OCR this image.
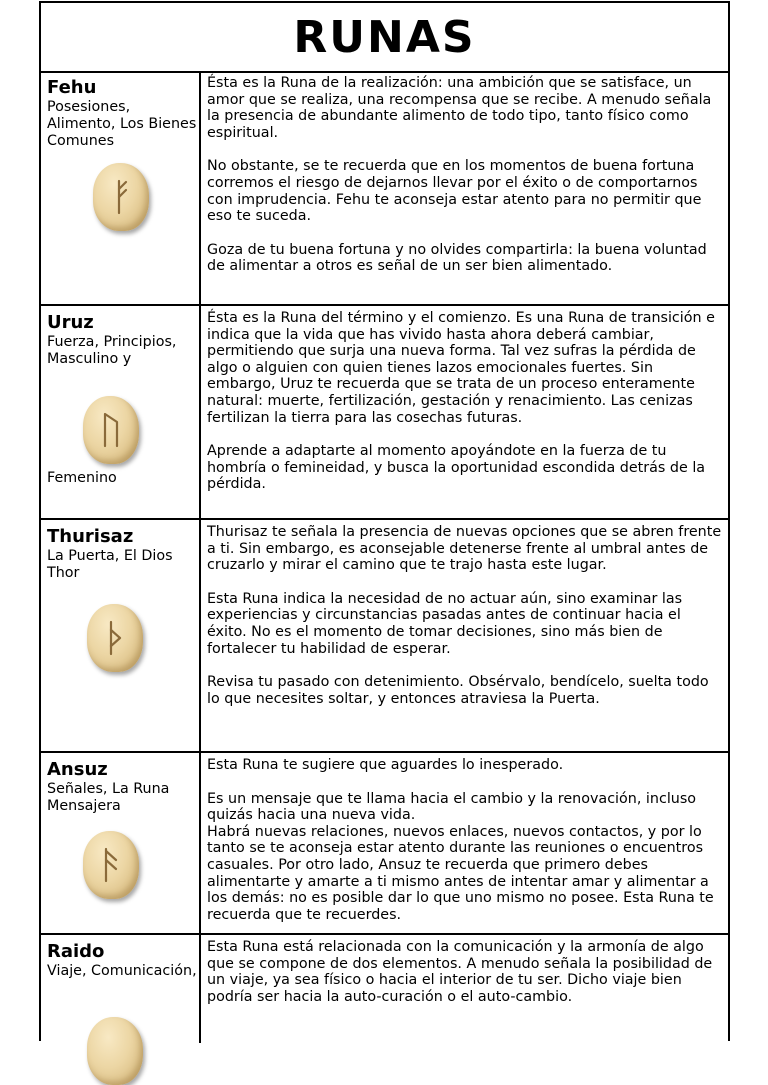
RUNAS
Fehu
Posesiones, Alimento, Los Bienes Comunes
Ésta es la Runa de la realización: una ambición que se satisface, un amor que se realiza, una recompensa que se recibe. A menudo señala la presencia de abundante alimento de todo tipo, tanto físico como espiritual.
No obstante, se te recuerda que en los momentos de buena fortuna corremos el riesgo de dejarnos llevar por el éxito o de comportarnos con imprudencia. Fehu te aconseja estar atento para no permitir que eso te suceda.
Goza de tu buena fortuna y no olvides compartirla: la buena voluntad de alimentar a otros es señal de un ser bien alimentado.
Uruz
Fuerza, Principios, Masculino y
Femenino
Ésta es la Runa del término y el comienzo. Es una Runa de transición e indica que la vida que has vivido hasta ahora deberá cambiar, permitiendo que surja una nueva forma. Tal vez sufras la pérdida de algo o alguien con quien tienes lazos emocionales fuertes. Sin embargo, Uruz te recuerda que se trata de un proceso enteramente natural: muerte, fertilización, gestación y renacimiento. Las cenizas fertilizan la tierra para las cosechas futuras.
Aprende a adaptarte al momento apoyándote en la fuerza de tu hombría o femineidad, y busca la oportunidad escondida detrás de la pérdida.
Thurisaz
La Puerta, El Dios Thor
Thurisaz te señala la presencia de nuevas opciones que se abren frente a ti. Sin embargo, es aconsejable detenerse frente al umbral antes de cruzarlo y mirar el camino que te trajo hasta este lugar.
Esta Runa indica la necesidad de no actuar aún, sino examinar las experiencias y circunstancias pasadas antes de continuar hacia el éxito. No es el momento de tomar decisiones, sino más bien de fortalecer tu habilidad de esperar.
Revisa tu pasado con detenimiento. Obsérvalo, bendícelo, suelta todo lo que necesites soltar, y entonces atraviesa la Puerta.
Ansuz
Señales, La Runa Mensajera
Esta Runa te sugiere que aguardes lo inesperado.
Es un mensaje que te llama hacia el cambio y la renovación, incluso quizás hacia una nueva vida.
Habrá nuevas relaciones, nuevos enlaces, nuevos contactos, y por lo tanto se te aconseja estar atento durante las reuniones o encuentros casuales. Por otro lado, Ansuz te recuerda que primero debes alimentarte y amarte a ti mismo antes de intentar amar y alimentar a los demás: no es posible dar lo que uno mismo no posee. Esta Runa te recuerda que te recuerdes.
Raido
Viaje, Comunicación,
Esta Runa está relacionada con la comunicación y la armonía de algo que se compone de dos elementos. A menudo señala la posibilidad de un viaje, ya sea físico o hacia el interior de tu ser. Dicho viaje bien podría ser hacia la auto-curación o el auto-cambio.
